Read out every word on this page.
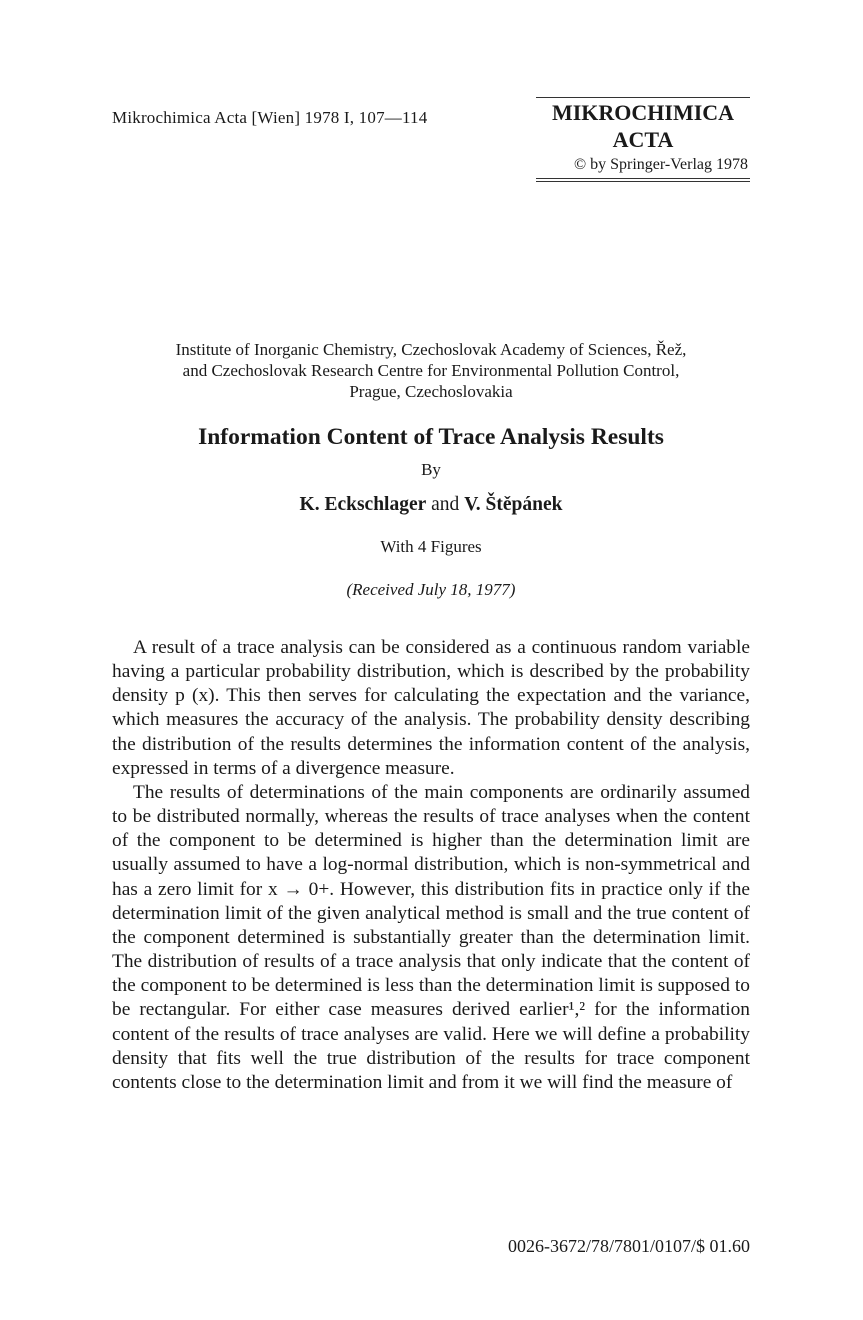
Mikrochimica Acta [Wien] 1978 I, 107—114	MIKROCHIMICA
ACTA
© by Springer-Verlag 1978
Institute of Inorganic Chemistry, Czechoslovak Academy of Sciences, Řež,
and Czechoslovak Research Centre for Environmental Pollution Control,
Prague, Czechoslovakia
Information Content of Trace Analysis Results
By
K. Eckschlager and V. Štěpánek
With 4 Figures
(Received July 18, 1977)

A result of a trace analysis can be considered as a continuous random variable having a particular probability distribution, which is described by the probability density p (x). This then serves for calculating the expectation and the variance, which measures the accuracy of the analysis. The probability density describing the distribution of the results determines the information content of the analysis, expressed in terms of a divergence measure.

The results of determinations of the main components are ordinarily assumed to be distributed normally, whereas the results of trace analyses when the content of the component to be determined is higher than the determination limit are usually assumed to have a log-normal distribution, which is non-symmetrical and has a zero limit for x → 0+. However, this distribution fits in practice only if the determination limit of the given analytical method is small and the true content of the component determined is substantially greater than the determination limit. The distribution of results of a trace analysis that only indicate that the content of the component to be determined is less than the determination limit is supposed to be rectangular. For either case measures derived earlier¹,² for the information content of the results of trace analyses are valid. Here we will define a probability density that fits well the true distribution of the results for trace component contents close to the determination limit and from it we will find the measure of

0026-3672/78/7801/0107/$ 01.60
